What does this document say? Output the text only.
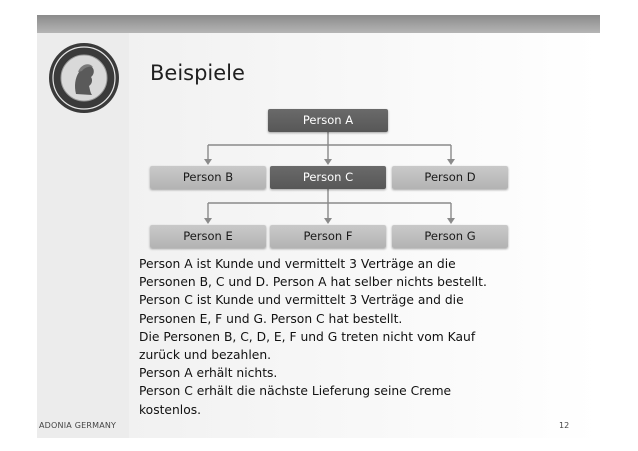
Beispiele
Person A
Person B	Person C	Person D
Person E	Person F	Person G
Person A ist Kunde und vermittelt 3 Verträge an die
Personen B, C und D. Person A hat selber nichts bestellt.
Person C ist Kunde und vermittelt 3 Verträge and die
Personen E, F und G. Person C hat bestellt.
Die Personen B, C, D, E, F und G treten nicht vom Kauf
zurück und bezahlen.
Person A erhält nichts.
Person C erhält die nächste Lieferung seine Creme
kostenlos.
ADONIA GERMANY	12
